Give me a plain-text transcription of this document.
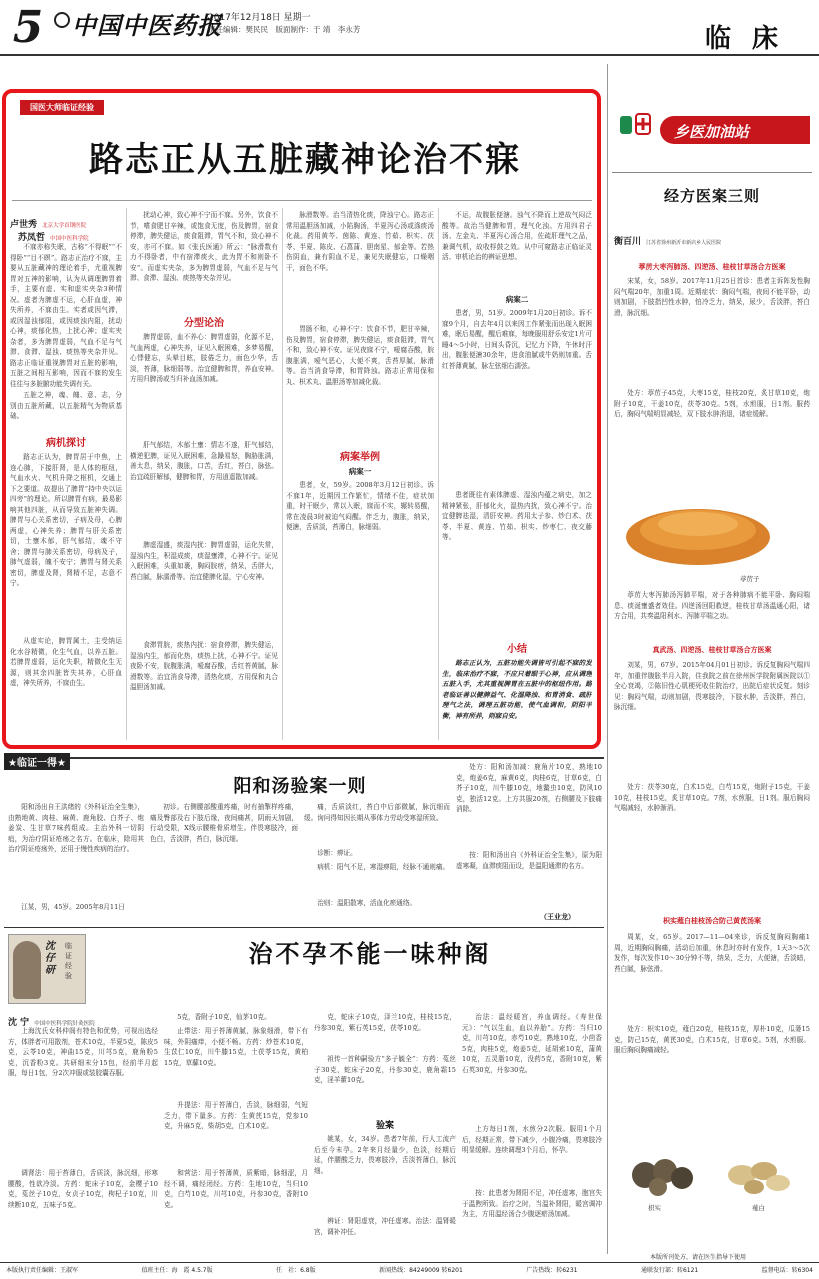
5 中国中医药报
2017年12月18日 星期一
责任编辑：樊民民　版面制作：于 靖　李永芳	临 床
国医大师临证经验
路志正从五脏藏神论治不寐
卢世秀 北京大学首钢医院
苏凤哲 中国中医科学院
不寐亦称失眠，古称“不得眠”“不得卧”“目不瞑”。路志正治疗不寐，主要从五脏藏神的理论着手，尤重视脾胃对五神的影响，认为从调理脾胃着手，主要有虚、实和虚实夹杂3种情况。虚者为脾虚不运，心肝血虚，神失所养，不寐由生。实者或因气滞，或因湿浊郁阻，或因痰浊内阻，扰动心神，痰郁化热，上扰心神；虚实夹杂者，多为脾胃虚弱，气血不足与气滞、食滞、湿浊、痰热等夹杂并见。路志正临证重视脾胃对五脏的影响，五脏之间相互影响，因而不寐的发生往往与多脏腑功能失调有关。
五脏之神，魂、魄、意、志，分别由五脏所藏，以五脏精气为物质基础。
病机探讨
路志正认为，脾胃居于中焦，上连心肺，下接肝肾，是人体的枢纽，气血水火、气机升降之枢机，交通上下之要道。故提出了脾胃“持中央以运四旁”的理论。所以脾胃有病，最易影响其他四脏，从而导致五脏神失调。脾胃与心关系密切，子病及母，心脾两虚，心神失养；脾胃与肝关系密切，土壅木郁，肝气郁结，魂不守舍；脾胃与肺关系密切，母病及子，肺气虚弱，魄不安宁；脾胃与肾关系密切，脾虚及肾，肾精不足，志意不宁。
从虚实论，脾胃属土，主受纳运化水谷精微，化生气血，以养五脏。若脾胃虚弱，运化失职，精微化生无源，则其余四脏皆失其养，心肝血虚，神失所养，不寐由生。
扰动心神，致心神不宁而不寐。另外，饮食不节，嗜食肥甘辛辣，或饱食无度，伤及脾胃，宿食停滞，脾失健运，痰食阻滞，胃气不和，致心神不安，亦可不寐。如《张氏医通》所云：“脉滑数有力不得卧者，中有宿滞痰火，此为胃不和则卧不安”。而虚实夹杂，多为脾胃虚弱，气血不足与气滞、食滞、湿浊、痰热等夹杂并见。
分型论治
脾胃虚弱，血不养心：脾胃虚弱，化源不足，气血两虚，心神失养，证见入眠困难，多梦易醒，心悸健忘，头晕目眩，肢倦乏力，面色少华，舌淡，苔薄，脉细弱等。治宜健脾和胃，养血安神。方用归脾汤或当归补血汤加减。
肝气郁结，木郁土壅：情志不遂，肝气郁结，横逆犯脾，证见入眠困难，急躁易怒，胸胁胀满，善太息，纳呆，腹胀，口苦，舌红，苔白，脉弦。治宜疏肝解郁，健脾和胃，方用逍遥散加减。
脾虚湿盛，痰湿内扰：脾胃虚弱，运化失常，湿浊内生，积湿成痰，痰湿壅滞，心神不宁。证见入眠困难，头重如裹，胸闷脘痞，纳呆，舌胖大，苔白腻，脉濡滑等。治宜健脾化湿，宁心安神。
食滞胃脘，痰热内扰：宿食停滞，脾失健运，湿浊内生，郁而化热，痰热上扰，心神不宁。证见夜卧不安，脘腹胀满，嗳腐吞酸，舌红苔黄腻，脉滑数等。治宜消食导滞，清热化痰，方用保和丸合温胆汤加减。
脉滑数等。治当清热化痰，降浊宁心。路志正常用温胆汤加减，小陷胸汤，半夏泻心汤或涤痰汤化裁。药用黄芩、茵陈、黄连、竹茹、枳实、茯苓、半夏、陈皮、石菖蒲、胆南星、郁金等。若热伤阴血，兼有阴血不足，兼见失眠健忘，口燥咽干，面色不华。
胃肠不和，心神不宁：饮食不节，肥甘辛辣，伤及脾胃，宿食停滞，脾失健运，痰食阻滞，胃气不和，致心神不安。证见夜寐不宁，嗳腐吞酸，脘腹胀满，嗳气恶心，大便不爽，舌苔厚腻，脉滑等。治当消食导滞，和胃降浊。路志正常用保和丸、枳术丸、温胆汤等加减化裁。
病案举例
病案一
患者，女，59岁。2008年3月12日初诊。诉不寐1年，近期因工作繁忙，情绪不佳，症状加重，时干眠少，常以入眠，寐而不实，辗转易醒，常在凌晨3时被迫气闷醒。伴乏力，腹胀，纳呆，便溏，舌质淡，苔薄白，脉细弱。
不运，故腹胀便溏。浊气不降而上逆故气闷泛酸等。故治当健脾和胃，理气化浊。方用四君子汤、左金丸、半夏泻心汤合用，佐疏肝理气之品，兼调气机，故收桴鼓之效。从中可窥路志正临证灵活、审机论治的辨证思想。
病案二
患者，男，51岁。2009年1月20日初诊。诉不寐9个月，自去年4月以来因工作紧张而出现入眠困难，眠后易醒，醒后难寐，每晚服用舒乐安定1片可睡4～5小时，日间头昏沉，记忆力下降，午休时汗出，腹胀便溏30余年，进食油腻或牛奶则加重。舌红苔薄黄腻，脉左弦细右濡弦。
患者既往有素体脾虚、湿浊内蕴之病史，加之精神紧张，肝郁化火，湿热内扰，致心神不宁。治宜健脾祛湿，清肝安神。药用太子参、炒白术、茯苓、半夏、黄连、竹茹、枳实、炒枣仁、夜交藤等。
小结
路志正认为，五脏功能失调皆可引起不寐的发生，临床治疗不寐，不应只着眼于心神，应从调理五脏入手，尤其重视脾胃在五脏中的枢纽作用。路老临证善以健脾益气、化湿降浊、和胃消食、疏肝理气之法，调理五脏功能，使气血调和，阴阳平衡，神有所养，则寐自安。
乡医加油站
经方医案三则
衡百川 江苏省徐州新沂市新店乡人民医院
葶苈大枣泻肺汤、四逆汤、桂枝甘草汤合方医案
宋某，女，58岁。2017年11月25日首诊：患者主诉阵发性胸闷气喘20年，加重1周。近期症状：胸闷气喘，夜间不能平卧，动则加剧，下肢指凹性水肿，怕冷乏力，纳呆，尿少，舌淡胖，苔白滑，脉沉细。
处方：葶苈子45克，大枣15克，桂枝20克，炙甘草10克，炮附子10克，干姜10克，茯苓30克。5剂，水煎服，日1剂。服药后，胸闷气喘明显减轻，双下肢水肿消退，诸症缓解。
葶苈子
葶苈大枣泻肺汤泻肺平喘，对于各种肺病不能平卧、胸闷喘息、痰涎壅盛者效佳。四逆汤回阳救逆，桂枝甘草汤温通心阳，诸方合用，共奏温阳利水、泻肺平喘之功。
真武汤、四逆汤、桂枝甘草汤合方医案
刘某，男，67岁。2015年04月01日初诊。诉反复胸闷气喘四年，加重伴腹胀半月入院，住我院之前在徐州医学院附属医院以①全心衰竭，②陈旧性心肌梗死收住院治疗，出院后症状反复。刻诊见：胸闷气喘，动则加剧，畏寒肢冷，下肢水肿，舌淡胖，苔白，脉沉细。
处方：茯苓30克，白术15克，白芍15克，炮附子15克，干姜10克，桂枝15克，炙甘草10克。7剂，水煎服，日1剂。服后胸闷气喘减轻，水肿渐消。
枳实薤白桂枝汤合防己黄芪汤案
周某，女，65岁。2017—11—04来诊，诉反复胸闷胸痛1周，近期胸闷胸痛，活动后加重，休息时亦时有发作，1天3～5次发作，每次发作10～30分钟不等，纳呆，乏力，大便溏，舌淡暗，苔白腻，脉弦滑。
处方：枳实10克，薤白20克，桂枝15克，厚朴10克，瓜蒌15克，防己15克，黄芪30克，白术15克，甘草6克。5剂，水煎服。服后胸闷胸痛减轻。
枳实	薤白
本版所刊处方，请在医生指导下使用
★临证一得★
阳和汤验案一则
阳和汤出自王洪绪的《外科证治全生集》，由熟地黄、肉桂、麻黄、鹿角胶、白芥子、炮姜炭、生甘草7味药组成。主治外科一切阴疽，为治疗阴证疮疡之名方。在临床，除用其治疗阴证疮疡外，还用于慢性疾病的治疗。
江某，男，45岁。2005年8月11日
初诊。右侧腰部酸重疼痛，时有抽掣样疼痛，痛及臀部及右下肢后缘，夜间痛甚，阴雨天加剧，行动受限，X线示腰椎骨质增生。伴畏寒肢冷，面色白，舌淡胖，苔白，脉沉细。
痛，舌质淡红，苔白中后部微腻，脉沉细而缓。询问得知因长期从事体力劳动受寒湿所致。
诊断：痹证。
病机：阳气不足，寒湿痹阻，经脉不通则痛。
治则：温阳散寒，活血化瘀通络。
处方：阳和汤加减：鹿角片10克，熟地10克，炮姜6克，麻黄6克，肉桂6克，甘草6克，白芥子10克，川牛膝10克，地鳖虫10克，防风10克，独活12克。上方共服20剂，右侧腰及下肢痛消除。
按：阳和汤出自《外科证治全生集》，原为阳虚寒凝，血滞痰阻而设，是温阳通滞的名方。
（王业龙）
治不孕不能一味种阁
沈仔研
临证经验
沈 宁 中国中医科学院针灸医院
上海沈氏女科仲阁有特色和优势，可视出选经方，体胖者可用散剂，苍术10克，半夏5克，陈皮5克，云苓10克，神曲15克，川芎5克，鹿角粉5克，沉香粉3克。共研细末分15包，经前半月起服，每日1包，分2次冲服或装胶囊吞服。
调肾法：用于苔薄白，舌质淡，脉沉细，形寒腰酸，性欲冷淡。方药：蛇床子10克，金樱子10克，菟丝子10克，女贞子10克，枸杞子10克，川续断10克，五味子5克。
5克，香附子10克，仙茅10克。
止带法：用于苔薄黄腻，脉象细滑，带下有味，外阴瘙痒，小便不畅。方药：炒苍术10克，生苡仁10克，川牛膝15克，土茯苓15克，黄柏15克，草薢10克。
升提法：用于苔薄白，舌淡，脉细弱，气短乏力，带下量多。方药：生黄芪15克，党参10克，升麻5克，柴胡5克，白术10克。
和营法：用于苔薄黄，质紫暗，脉细涩，月经不调，痛经闭经。方药：生地10克，当归10克，白芍10克，川芎10克，丹参30克，香附10克。
克，蛇床子10克，泽兰10克，桂枝15克，丹参30克，紫石英15克，茯苓10克。
祖传一首种嗣验方“多子毓全”：方药：菟丝子30克，蛇床子20克，丹参30克，鹿角霜15克，淫羊藿10克。
验案
姚某，女，34岁。患者7年前，行人工流产后至今未孕。2年来月经量少，色淡，经期后延，伴腰酸乏力，畏寒肢冷，舌淡苔薄白，脉沉细。
辨证：肾阳虚衰，冲任虚寒。治法：温肾暖宫，调补冲任。
治法：温经暖宫，养血调经。《寿世保元》：“气以生血，血以养胎”。方药：当归10克，川芎10克，赤芍10克，熟地10克，小茴香5克，肉桂5克，炮姜5克，延胡索10克，蒲黄10克，五灵脂10克，没药5克，香附10克，紫石英30克，丹参30克。
上方每日1剂，水煎分2次服。服用1个月后，经期正常，带下减少，小腹冷痛，畏寒肢冷明显缓解。连续调理3个月后，怀孕。
按：此患者为肾阳不足，冲任虚寒，胞宫失于温煦所致。治疗之时，当温补肾阳，暖宫调冲为主，方用温经汤合少腹逐瘀汤加减。
本版执行责任编辑：王淑军	值班主任：海　霞 4.5.7版	任　社：6.8版	新闻热线：84249009 转6201	广告热线：转6231	通联发行部：转6121	监督电话：转6304
